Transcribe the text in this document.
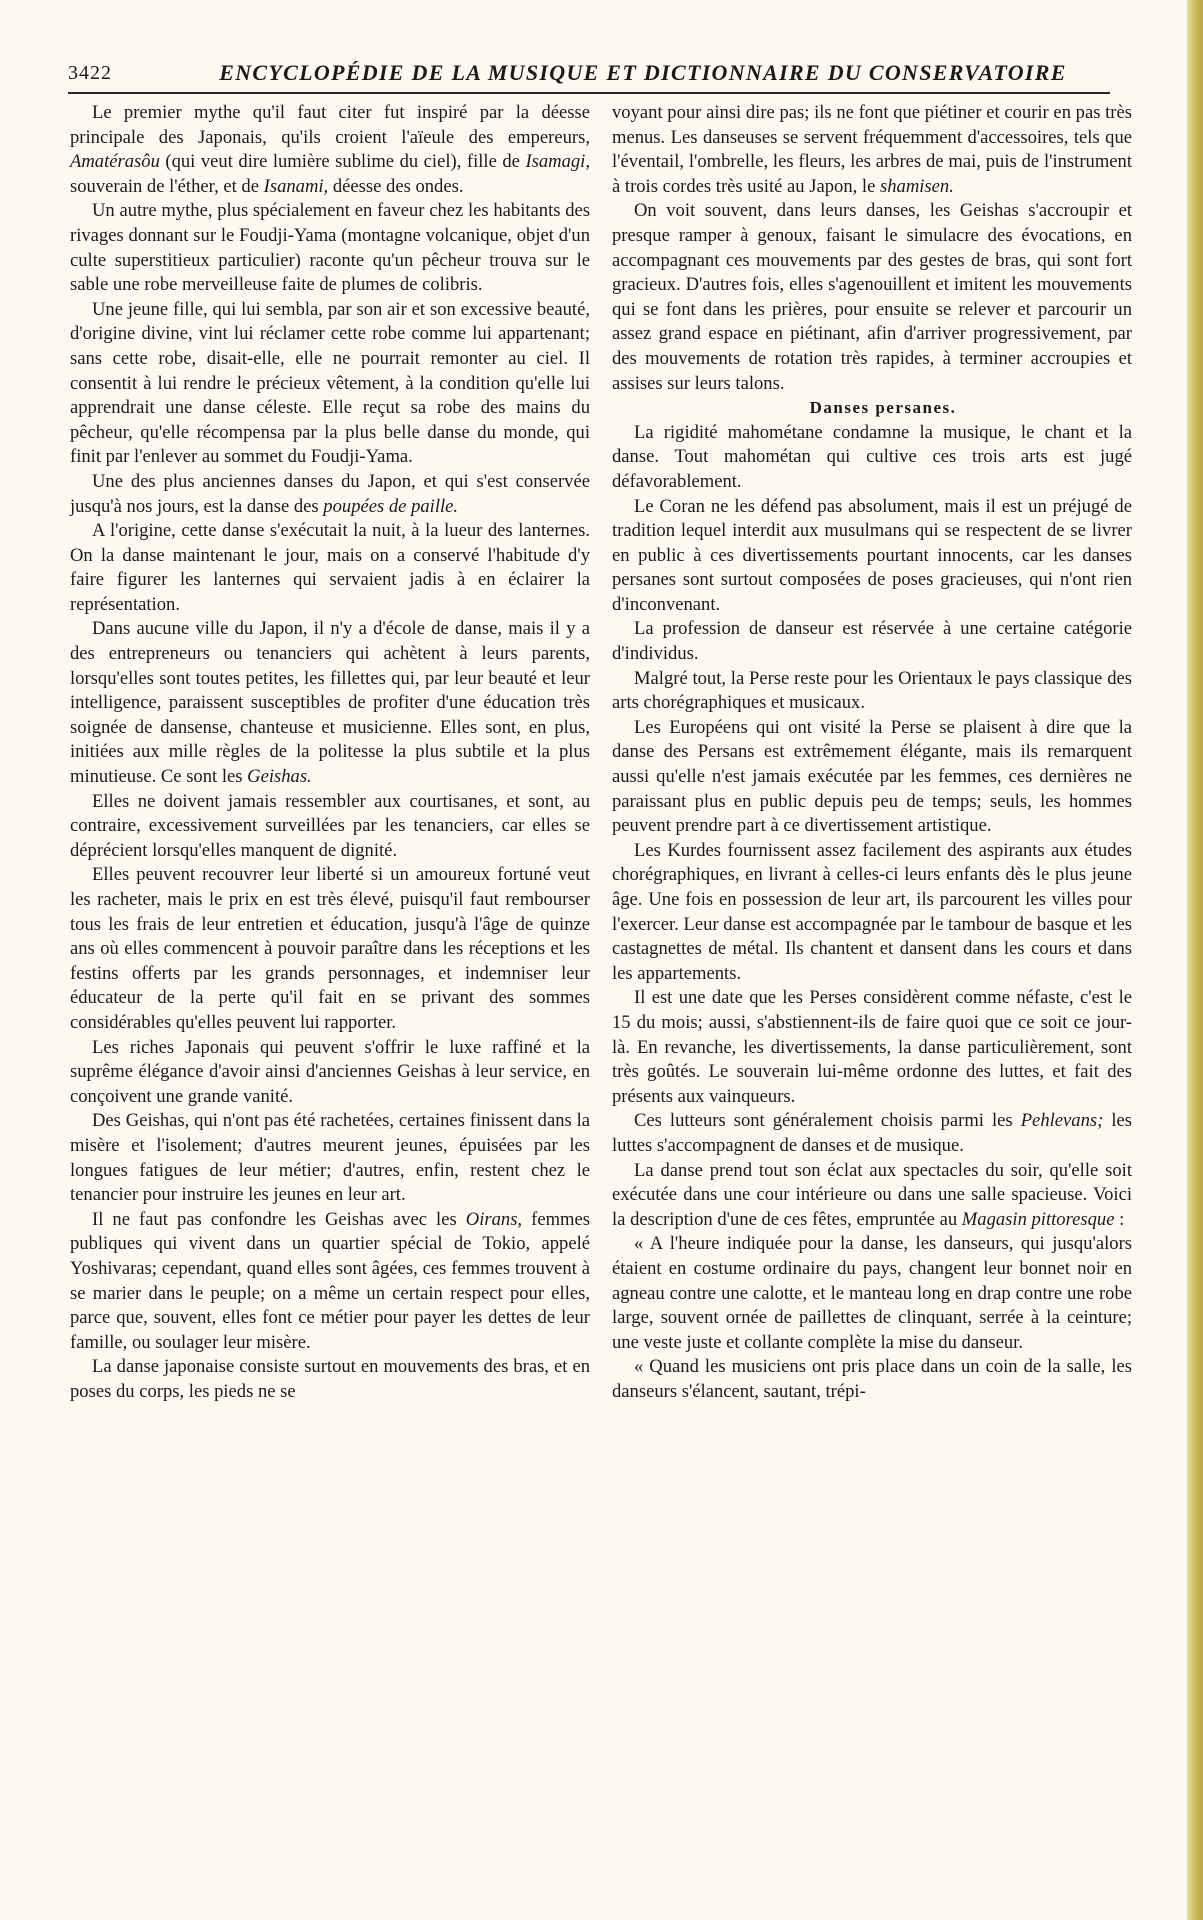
3422	ENCYCLOPÉDIE DE LA MUSIQUE ET DICTIONNAIRE DU CONSERVATOIRE

Le premier mythe qu'il faut citer fut inspiré par la déesse principale des Japonais, qu'ils croient l'aïeule des empereurs, Amatérasôu (qui veut dire lumière sublime du ciel), fille de Isamagi, souverain de l'éther, et de Isanami, déesse des ondes.

Un autre mythe, plus spécialement en faveur chez les habitants des rivages donnant sur le Foudji-Yama (montagne volcanique, objet d'un culte superstitieux particulier) raconte qu'un pêcheur trouva sur le sable une robe merveilleuse faite de plumes de colibris.

Une jeune fille, qui lui sembla, par son air et son excessive beauté, d'origine divine, vint lui réclamer cette robe comme lui appartenant; sans cette robe, disait-elle, elle ne pourrait remonter au ciel. Il consentit à lui rendre le précieux vêtement, à la condition qu'elle lui apprendrait une danse céleste. Elle reçut sa robe des mains du pêcheur, qu'elle récompensa par la plus belle danse du monde, qui finit par l'enlever au sommet du Foudji-Yama.

Une des plus anciennes danses du Japon, et qui s'est conservée jusqu'à nos jours, est la danse des poupées de paille.

A l'origine, cette danse s'exécutait la nuit, à la lueur des lanternes. On la danse maintenant le jour, mais on a conservé l'habitude d'y faire figurer les lanternes qui servaient jadis à en éclairer la représentation.

Dans aucune ville du Japon, il n'y a d'école de danse, mais il y a des entrepreneurs ou tenanciers qui achètent à leurs parents, lorsqu'elles sont toutes petites, les fillettes qui, par leur beauté et leur intelligence, paraissent susceptibles de profiter d'une éducation très soignée de dansense, chanteuse et musicienne. Elles sont, en plus, initiées aux mille règles de la politesse la plus subtile et la plus minutieuse. Ce sont les Geishas.

Elles ne doivent jamais ressembler aux courtisanes, et sont, au contraire, excessivement surveillées par les tenanciers, car elles se déprécient lorsqu'elles manquent de dignité.

Elles peuvent recouvrer leur liberté si un amoureux fortuné veut les racheter, mais le prix en est très élevé, puisqu'il faut rembourser tous les frais de leur entretien et éducation, jusqu'à l'âge de quinze ans où elles commencent à pouvoir paraître dans les réceptions et les festins offerts par les grands personnages, et indemniser leur éducateur de la perte qu'il fait en se privant des sommes considérables qu'elles peuvent lui rapporter.

Les riches Japonais qui peuvent s'offrir le luxe raffiné et la suprême élégance d'avoir ainsi d'anciennes Geishas à leur service, en conçoivent une grande vanité.

Des Geishas, qui n'ont pas été rachetées, certaines finissent dans la misère et l'isolement; d'autres meurent jeunes, épuisées par les longues fatigues de leur métier; d'autres, enfin, restent chez le tenancier pour instruire les jeunes en leur art.

Il ne faut pas confondre les Geishas avec les Oirans, femmes publiques qui vivent dans un quartier spécial de Tokio, appelé Yoshivaras; cependant, quand elles sont âgées, ces femmes trouvent à se marier dans le peuple; on a même un certain respect pour elles, parce que, souvent, elles font ce métier pour payer les dettes de leur famille, ou soulager leur misère.

La danse japonaise consiste surtout en mouvements des bras, et en poses du corps, les pieds ne se

voyant pour ainsi dire pas; ils ne font que piétiner et courir en pas très menus. Les danseuses se servent fréquemment d'accessoires, tels que l'éventail, l'ombrelle, les fleurs, les arbres de mai, puis de l'instrument à trois cordes très usité au Japon, le shamisen.

On voit souvent, dans leurs danses, les Geishas s'accroupir et presque ramper à genoux, faisant le simulacre des évocations, en accompagnant ces mouvements par des gestes de bras, qui sont fort gracieux. D'autres fois, elles s'agenouillent et imitent les mouvements qui se font dans les prières, pour ensuite se relever et parcourir un assez grand espace en piétinant, afin d'arriver progressivement, par des mouvements de rotation très rapides, à terminer accroupies et assises sur leurs talons.

Danses persanes.

La rigidité mahométane condamne la musique, le chant et la danse. Tout mahométan qui cultive ces trois arts est jugé défavorablement.

Le Coran ne les défend pas absolument, mais il est un préjugé de tradition lequel interdit aux musulmans qui se respectent de se livrer en public à ces divertissements pourtant innocents, car les danses persanes sont surtout composées de poses gracieuses, qui n'ont rien d'inconvenant.

La profession de danseur est réservée à une certaine catégorie d'individus.

Malgré tout, la Perse reste pour les Orientaux le pays classique des arts chorégraphiques et musicaux.

Les Européens qui ont visité la Perse se plaisent à dire que la danse des Persans est extrêmement élégante, mais ils remarquent aussi qu'elle n'est jamais exécutée par les femmes, ces dernières ne paraissant plus en public depuis peu de temps; seuls, les hommes peuvent prendre part à ce divertissement artistique.

Les Kurdes fournissent assez facilement des aspirants aux études chorégraphiques, en livrant à celles-ci leurs enfants dès le plus jeune âge. Une fois en possession de leur art, ils parcourent les villes pour l'exercer. Leur danse est accompagnée par le tambour de basque et les castagnettes de métal. Ils chantent et dansent dans les cours et dans les appartements.

Il est une date que les Perses considèrent comme néfaste, c'est le 15 du mois; aussi, s'abstiennent-ils de faire quoi que ce soit ce jour-là. En revanche, les divertissements, la danse particulièrement, sont très goûtés. Le souverain lui-même ordonne des luttes, et fait des présents aux vainqueurs.

Ces lutteurs sont généralement choisis parmi les Pehlevans; les luttes s'accompagnent de danses et de musique.

La danse prend tout son éclat aux spectacles du soir, qu'elle soit exécutée dans une cour intérieure ou dans une salle spacieuse. Voici la description d'une de ces fêtes, empruntée au Magasin pittoresque :

« A l'heure indiquée pour la danse, les danseurs, qui jusqu'alors étaient en costume ordinaire du pays, changent leur bonnet noir en agneau contre une calotte, et le manteau long en drap contre une robe large, souvent ornée de paillettes de clinquant, serrée à la ceinture; une veste juste et collante complète la mise du danseur.

« Quand les musiciens ont pris place dans un coin de la salle, les danseurs s'élancent, sautant, trépi-
